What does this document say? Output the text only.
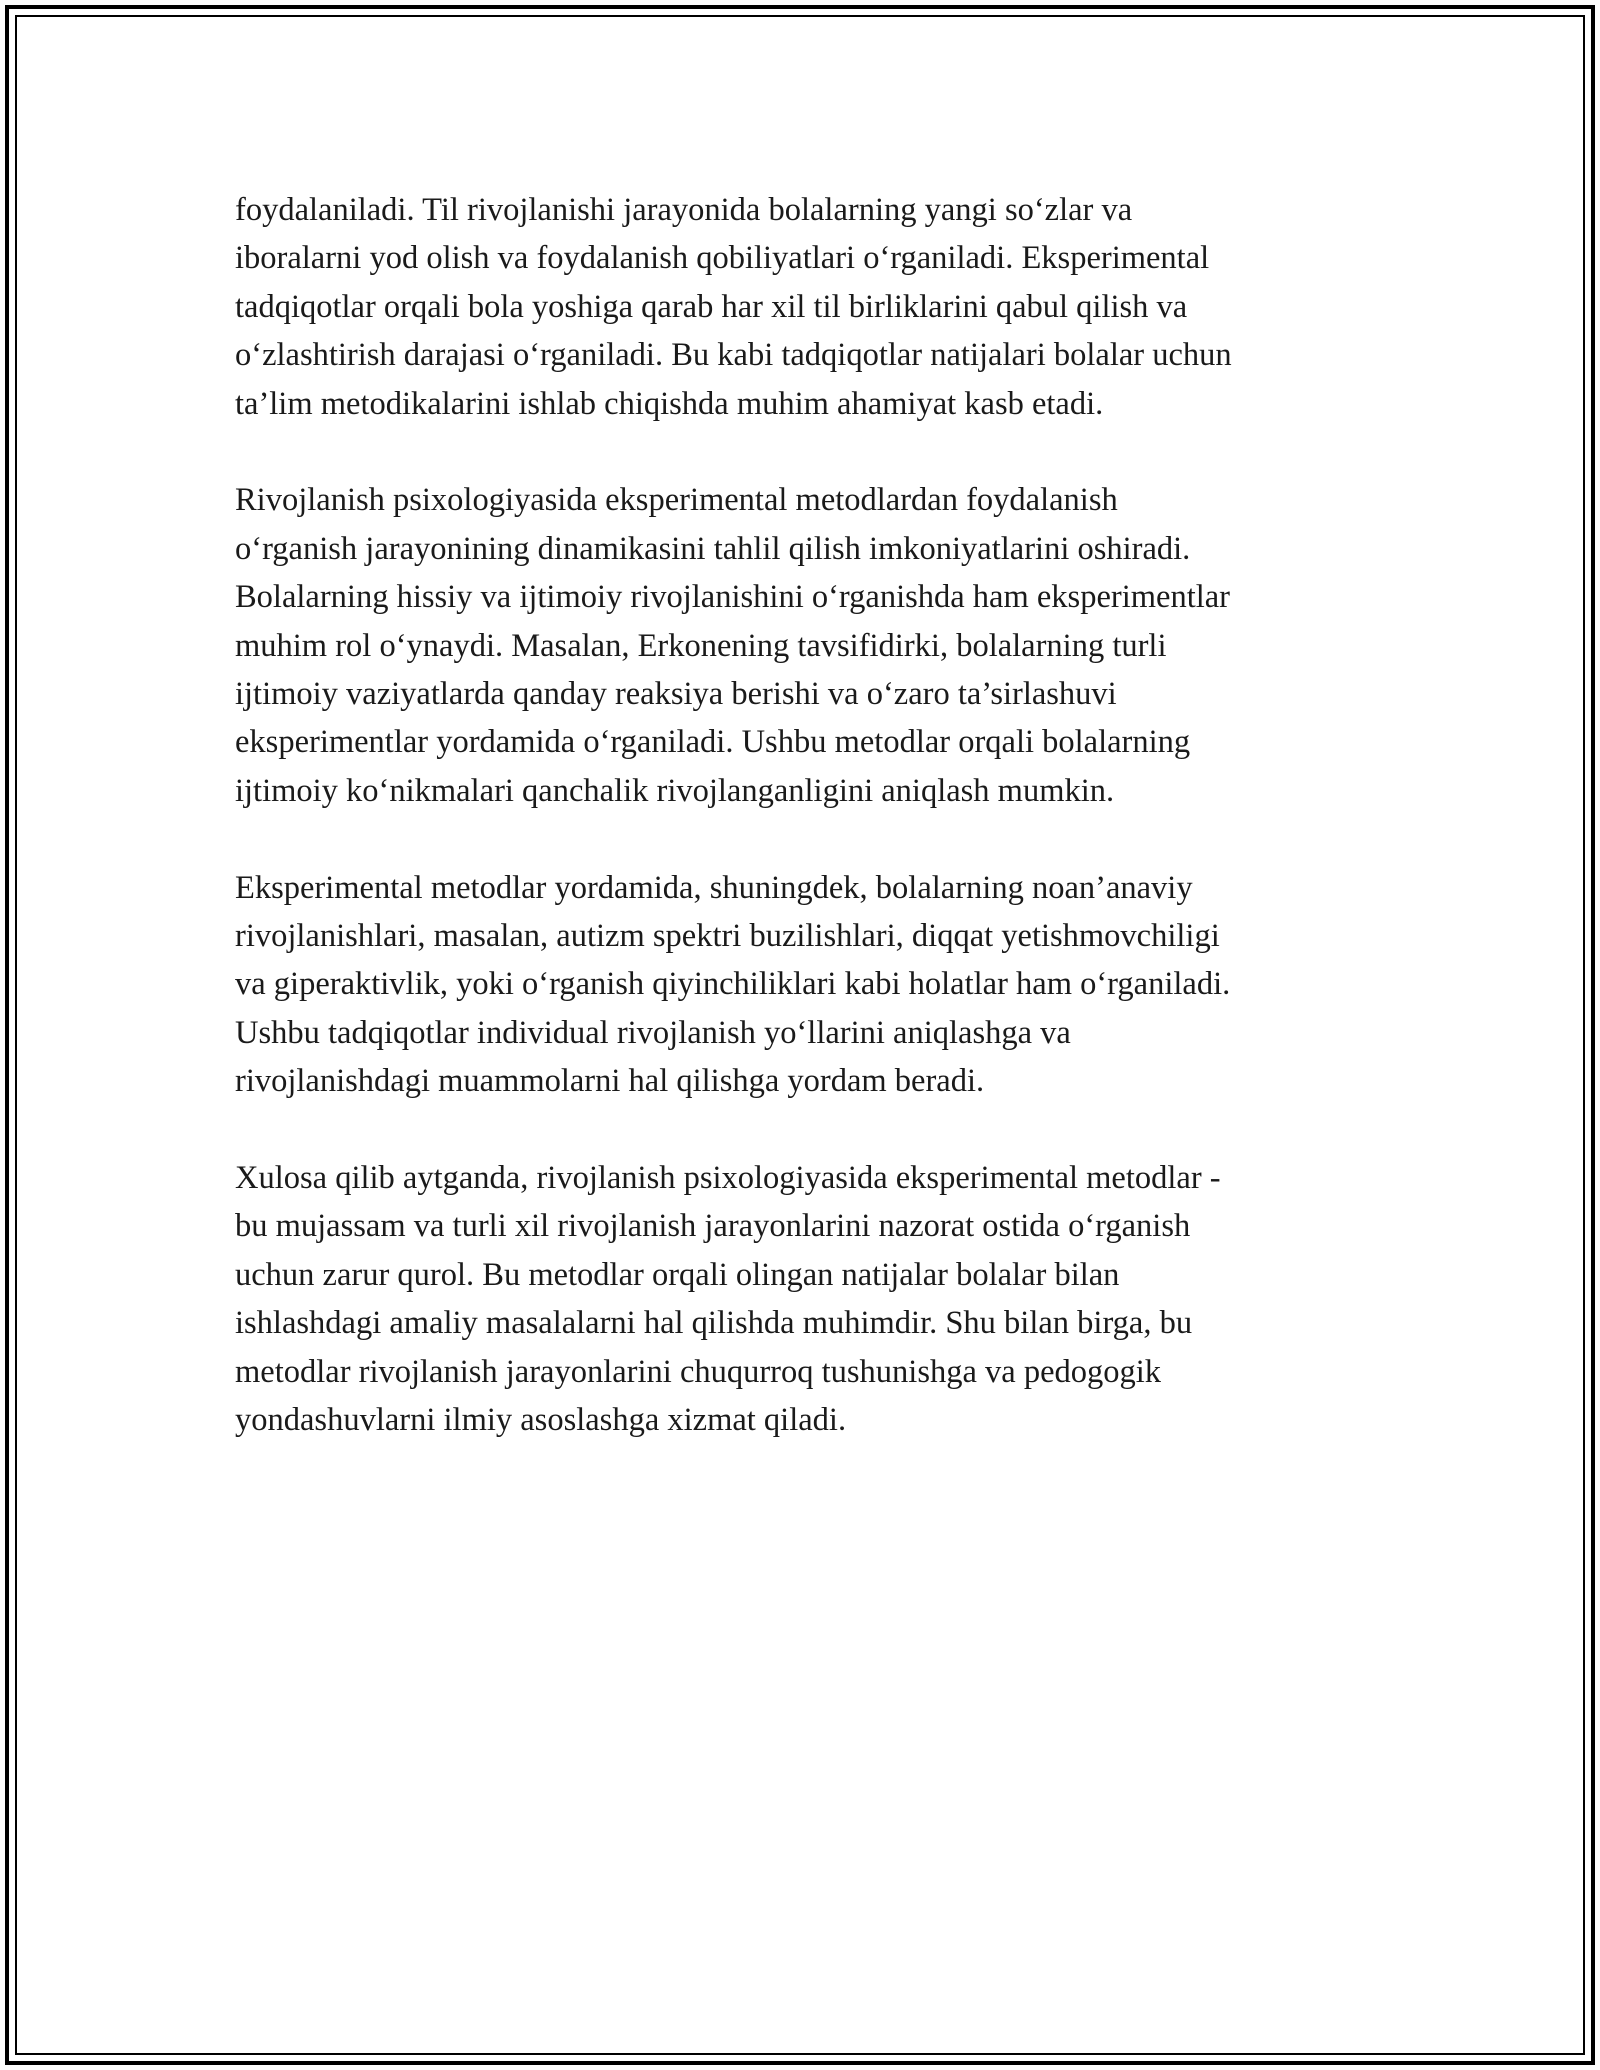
foydalaniladi. Til rivojlanishi jarayonida bolalarning yangi so‘zlar va
iboralarni yod olish va foydalanish qobiliyatlari o‘rganiladi. Eksperimental
tadqiqotlar orqali bola yoshiga qarab har xil til birliklarini qabul qilish va
o‘zlashtirish darajasi o‘rganiladi. Bu kabi tadqiqotlar natijalari bolalar uchun
ta’lim metodikalarini ishlab chiqishda muhim ahamiyat kasb etadi.

Rivojlanish psixologiyasida eksperimental metodlardan foydalanish
o‘rganish jarayonining dinamikasini tahlil qilish imkoniyatlarini oshiradi.
Bolalarning hissiy va ijtimoiy rivojlanishini o‘rganishda ham eksperimentlar
muhim rol o‘ynaydi. Masalan, Erkonening tavsifidirki, bolalarning turli
ijtimoiy vaziyatlarda qanday reaksiya berishi va o‘zaro ta’sirlashuvi
eksperimentlar yordamida o‘rganiladi. Ushbu metodlar orqali bolalarning
ijtimoiy ko‘nikmalari qanchalik rivojlanganligini aniqlash mumkin.

Eksperimental metodlar yordamida, shuningdek, bolalarning noan’anaviy
rivojlanishlari, masalan, autizm spektri buzilishlari, diqqat yetishmovchiligi
va giperaktivlik, yoki o‘rganish qiyinchiliklari kabi holatlar ham o‘rganiladi.
Ushbu tadqiqotlar individual rivojlanish yo‘llarini aniqlashga va
rivojlanishdagi muammolarni hal qilishga yordam beradi.

Xulosa qilib aytganda, rivojlanish psixologiyasida eksperimental metodlar -
bu mujassam va turli xil rivojlanish jarayonlarini nazorat ostida o‘rganish
uchun zarur qurol. Bu metodlar orqali olingan natijalar bolalar bilan
ishlashdagi amaliy masalalarni hal qilishda muhimdir. Shu bilan birga, bu
metodlar rivojlanish jarayonlarini chuqurroq tushunishga va pedogogik
yondashuvlarni ilmiy asoslashga xizmat qiladi.
